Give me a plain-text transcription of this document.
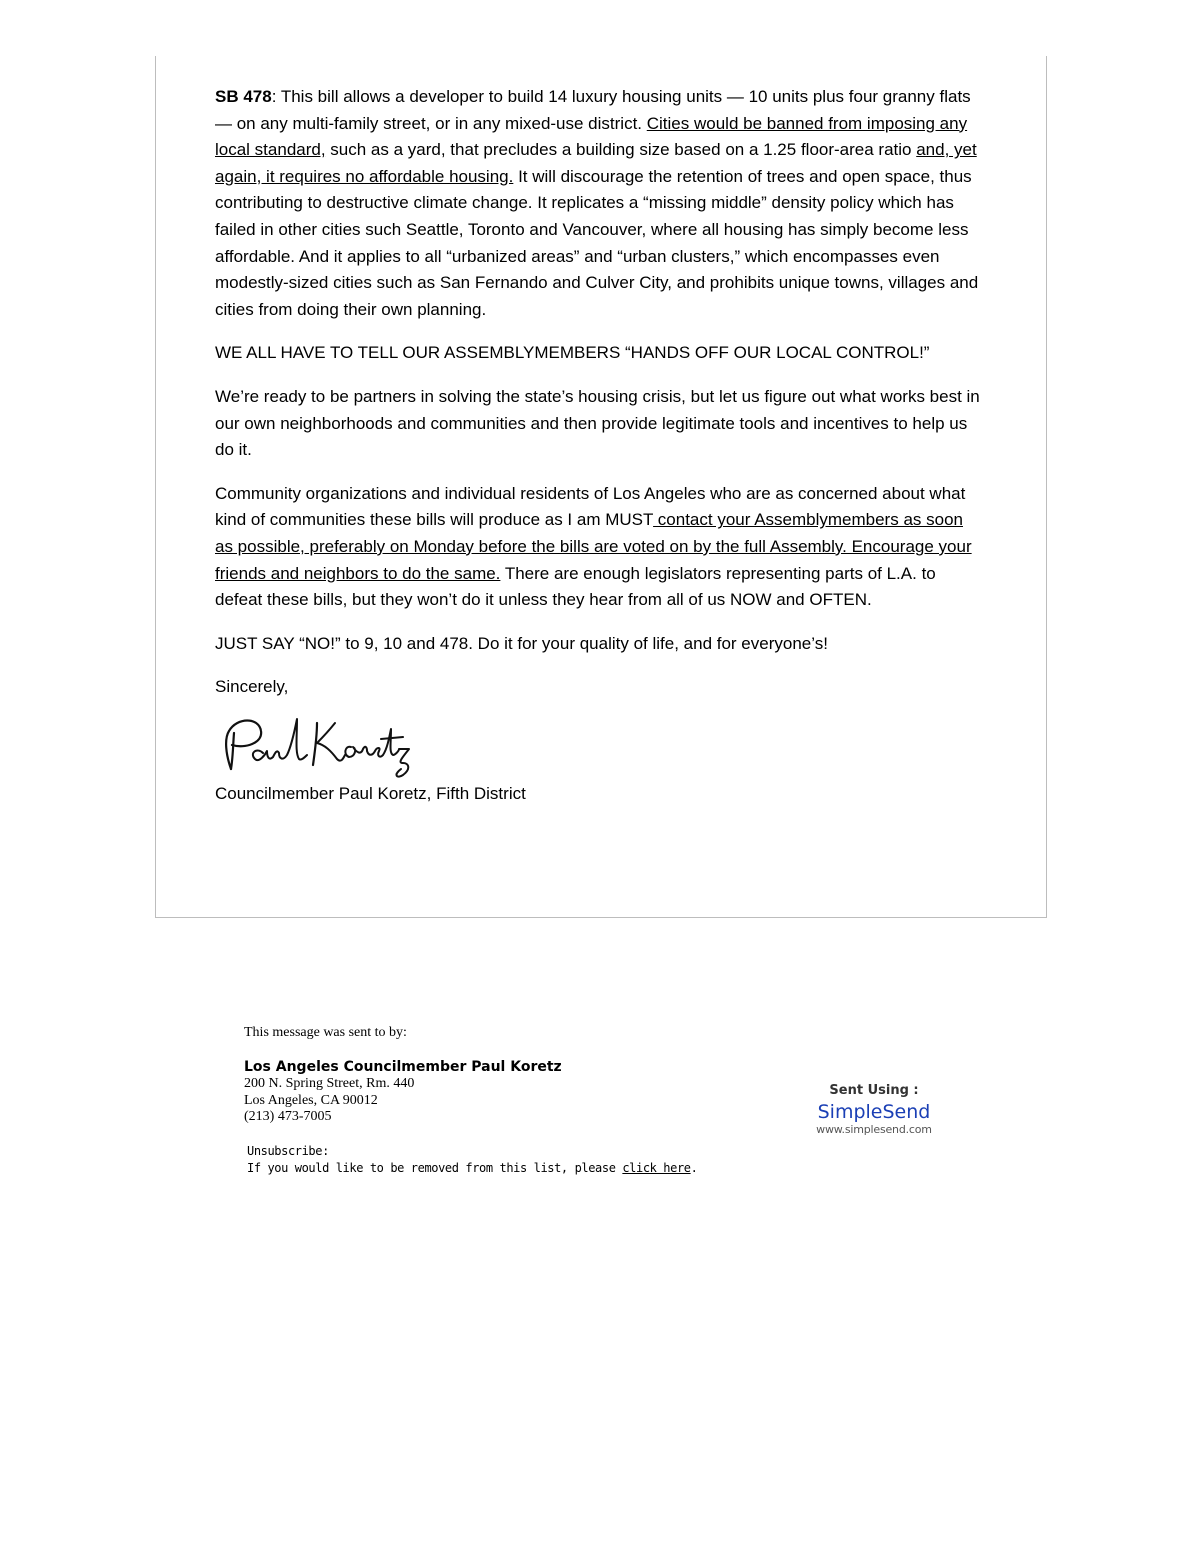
SB 478: This bill allows a developer to build 14 luxury housing units — 10 units plus four granny flats — on any multi-family street, or in any mixed-use district. Cities would be banned from imposing any local standard, such as a yard, that precludes a building size based on a 1.25 floor-area ratio and, yet again, it requires no affordable housing. It will discourage the retention of trees and open space, thus contributing to destructive climate change. It replicates a “missing middle” density policy which has failed in other cities such Seattle, Toronto and Vancouver, where all housing has simply become less affordable. And it applies to all “urbanized areas” and “urban clusters,” which encompasses even modestly-sized cities such as San Fernando and Culver City, and prohibits unique towns, villages and cities from doing their own planning.

WE ALL HAVE TO TELL OUR ASSEMBLYMEMBERS “HANDS OFF OUR LOCAL CONTROL!”

We’re ready to be partners in solving the state’s housing crisis, but let us figure out what works best in our own neighborhoods and communities and then provide legitimate tools and incentives to help us do it.

Community organizations and individual residents of Los Angeles who are as concerned about what kind of communities these bills will produce as I am MUST contact your Assemblymembers as soon as possible, preferably on Monday before the bills are voted on by the full Assembly. Encourage your friends and neighbors to do the same. There are enough legislators representing parts of L.A. to defeat these bills, but they won’t do it unless they hear from all of us NOW and OFTEN.

JUST SAY “NO!” to 9, 10 and 478. Do it for your quality of life, and for everyone’s!

Sincerely,

Councilmember Paul Koretz, Fifth District

This message was sent to by:
Los Angeles Councilmember Paul Koretz
200 N. Spring Street, Rm. 440
Los Angeles, CA 90012
(213) 473-7005
Unsubscribe:
If you would like to be removed from this list, please click here.
Sent Using :
SimpleSend
www.simplesend.com
